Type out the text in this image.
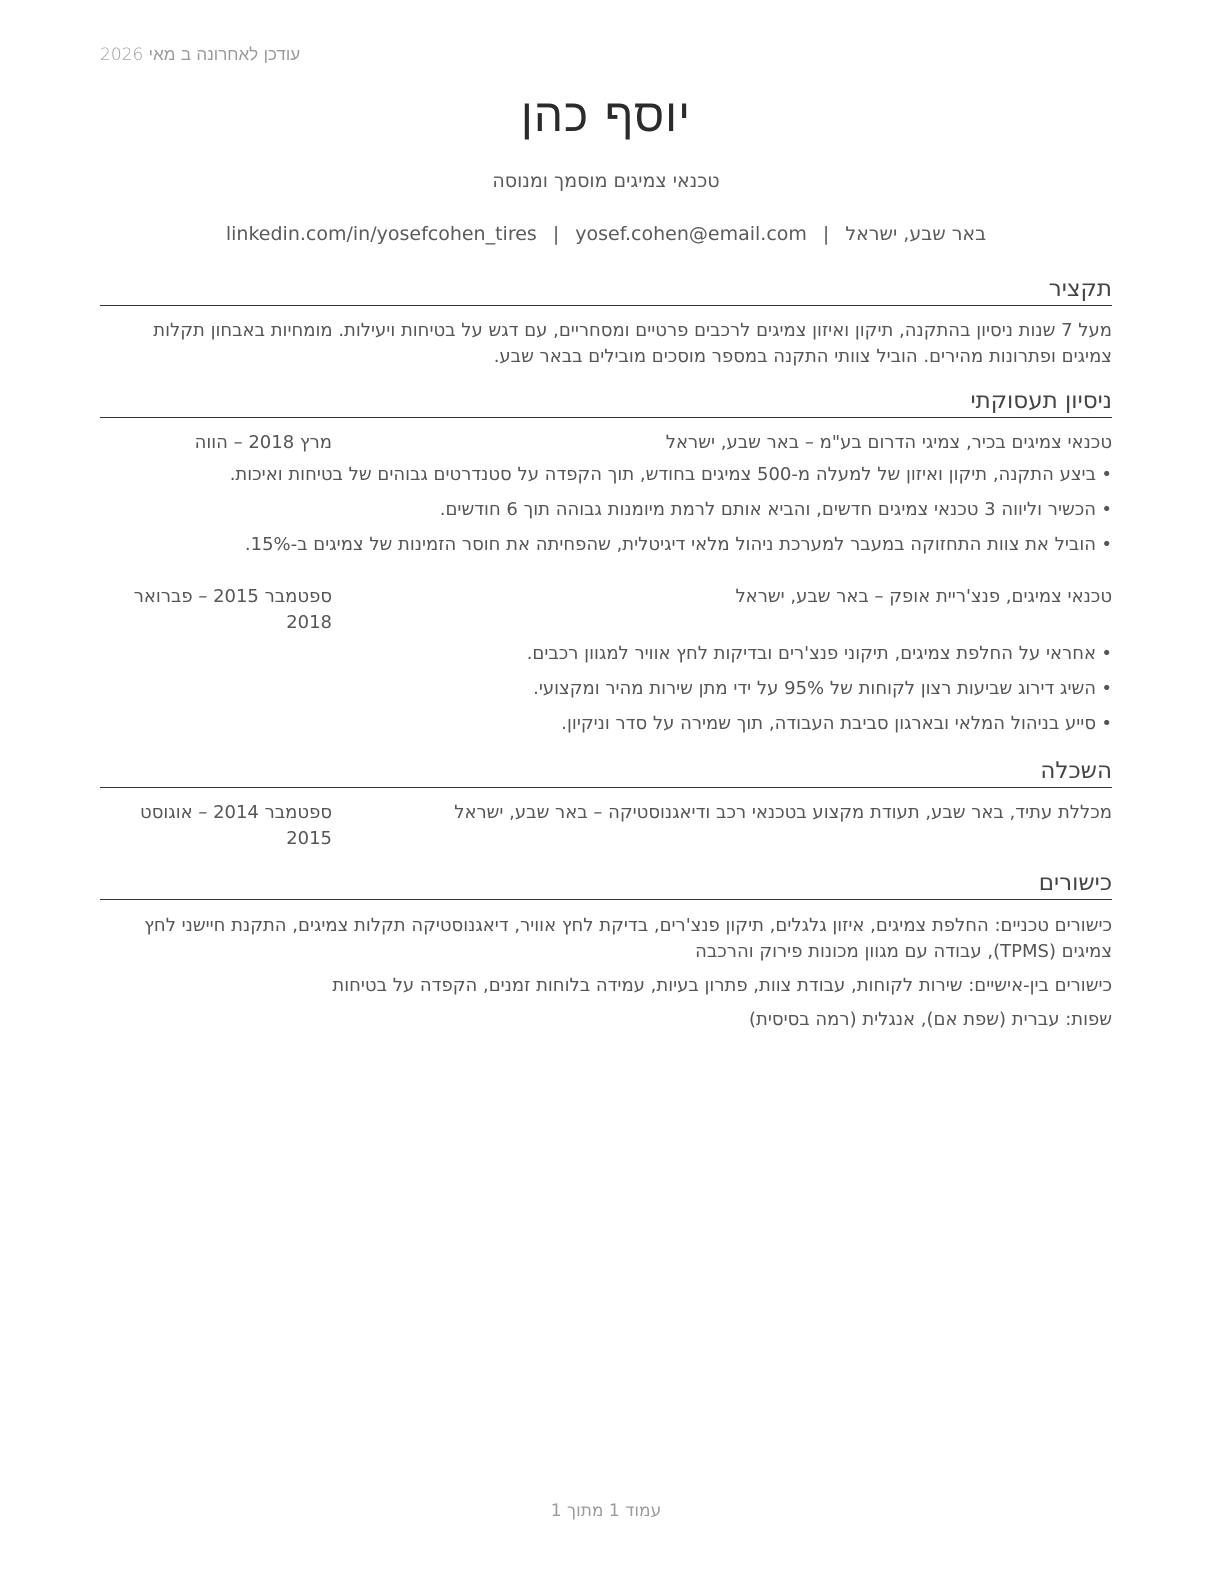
עודכן לאחרונה ב מאי 2026
יוסף כהן
טכנאי צמיגים מוסמך ומנוסה
באר שבע, ישראל|yosef.cohen@email.com|linkedin.com/in/yosefcohen_tires
תקציר
מעל 7 שנות ניסיון בהתקנה, תיקון ואיזון צמיגים לרכבים פרטיים ומסחריים, עם דגש על בטיחות ויעילות. מומחיות באבחון תקלות צמיגים ופתרונות מהירים. הוביל צוותי התקנה במספר מוסכים מובילים בבאר שבע.
ניסיון תעסוקתי
טכנאי צמיגים בכיר, צמיגי הדרום בע"מ – באר שבע, ישראל
מרץ 2018 – הווה
•
ביצע התקנה, תיקון ואיזון של למעלה מ-500 צמיגים בחודש, תוך הקפדה על סטנדרטים גבוהים של בטיחות ואיכות.
•
הכשיר וליווה 3 טכנאי צמיגים חדשים, והביא אותם לרמת מיומנות גבוהה תוך 6 חודשים.
•
הוביל את צוות התחזוקה במעבר למערכת ניהול מלאי דיגיטלית, שהפחיתה את חוסר הזמינות של צמיגים ב-15%.
טכנאי צמיגים, פנצ'ריית אופק – באר שבע, ישראל
ספטמבר 2015 – פברואר 2018
•
אחראי על החלפת צמיגים, תיקוני פנצ'רים ובדיקות לחץ אוויר למגוון רכבים.
•
השיג דירוג שביעות רצון לקוחות של 95% על ידי מתן שירות מהיר ומקצועי.
•
סייע בניהול המלאי ובארגון סביבת העבודה, תוך שמירה על סדר וניקיון.
השכלה
מכללת עתיד, באר שבע, תעודת מקצוע בטכנאי רכב ודיאגנוסטיקה – באר שבע, ישראל
ספטמבר 2014 – אוגוסט 2015
כישורים
כישורים טכניים: החלפת צמיגים, איזון גלגלים, תיקון פנצ'רים, בדיקת לחץ אוויר, דיאגנוסטיקה תקלות צמיגים, התקנת חיישני לחץ צמיגים (TPMS), עבודה עם מגוון מכונות פירוק והרכבה
כישורים בין-אישיים: שירות לקוחות, עבודת צוות, פתרון בעיות, עמידה בלוחות זמנים, הקפדה על בטיחות
שפות: עברית (שפת אם), אנגלית (רמה בסיסית)
עמוד 1 מתוך 1
